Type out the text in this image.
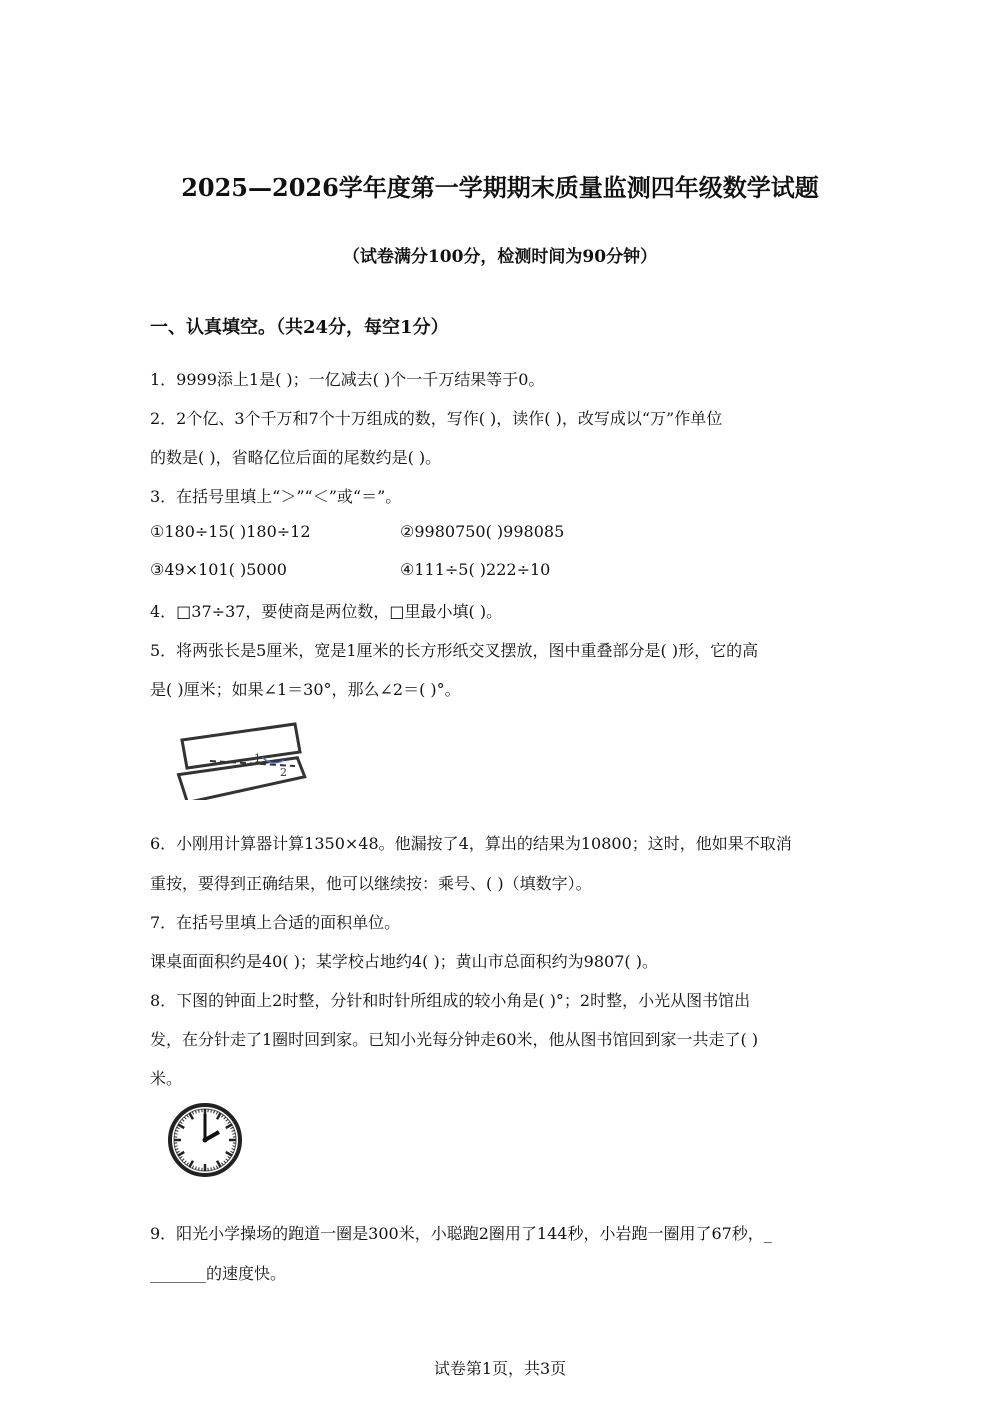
2025—2026学年度第一学期期末质量监测四年级数学试题
（试卷满分100分，检测时间为90分钟）
一、认真填空。（共24分，每空1分）
1．9999添上1是( )；一亿减去( )个一千万结果等于0。
2．2个亿、3个千万和7个十万组成的数，写作( )，读作( )，改写成以“万”作单位
的数是( )，省略亿位后面的尾数约是( )。
3．在括号里填上“＞”“＜”或“＝”。
①180÷15( )180÷12	②9980750( )998085
③49×101( )5000	④111÷5( )222÷10
4．□37÷37，要使商是两位数，□里最小填( )。
5．将两张长是5厘米，宽是1厘米的长方形纸交叉摆放，图中重叠部分是( )形，它的高
是( )厘米；如果∠1＝30°，那么∠2＝( )°。
1
2
6．小刚用计算器计算1350×48。他漏按了4，算出的结果为10800；这时，他如果不取消
重按，要得到正确结果，他可以继续按：乘号、( )（填数字）。
7．在括号里填上合适的面积单位。
课桌面面积约是40( )；某学校占地约4( )；黄山市总面积约为9807( )。
8．下图的钟面上2时整，分针和时针所组成的较小角是( )°；2时整，小光从图书馆出
发，在分针走了1圈时回到家。已知小光每分钟走60米，他从图书馆回到家一共走了( )
米。
9．阳光小学操场的跑道一圈是300米，小聪跑2圈用了144秒，小岩跑一圈用了67秒，_
_______的速度快。
试卷第1页，共3页
